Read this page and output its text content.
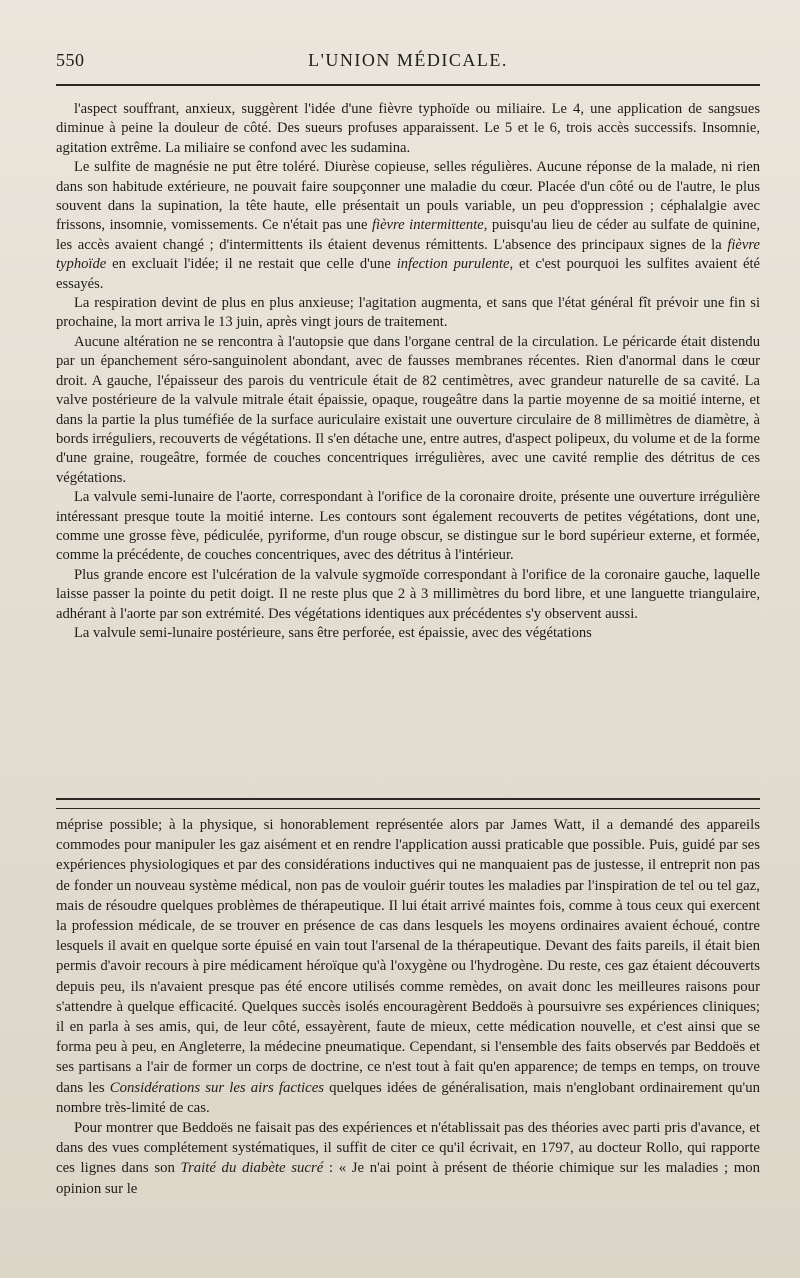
550	L'UNION MÉDICALE.

l'aspect souffrant, anxieux, suggèrent l'idée d'une fièvre typhoïde ou miliaire. Le 4, une application de sangsues diminue à peine la douleur de côté. Des sueurs profuses apparaissent. Le 5 et le 6, trois accès successifs. Insomnie, agitation extrême. La miliaire se confond avec les sudamina.

Le sulfite de magnésie ne put être toléré. Diurèse copieuse, selles régulières. Aucune réponse de la malade, ni rien dans son habitude extérieure, ne pouvait faire soupçonner une maladie du cœur. Placée d'un côté ou de l'autre, le plus souvent dans la supination, la tête haute, elle présentait un pouls variable, un peu d'oppression ; céphalalgie avec frissons, insomnie, vomissements. Ce n'était pas une fièvre intermittente, puisqu'au lieu de céder au sulfate de quinine, les accès avaient changé ; d'intermittents ils étaient devenus rémittents. L'absence des principaux signes de la fièvre typhoïde en excluait l'idée; il ne restait que celle d'une infection purulente, et c'est pourquoi les sulfites avaient été essayés.

La respiration devint de plus en plus anxieuse; l'agitation augmenta, et sans que l'état général fît prévoir une fin si prochaine, la mort arriva le 13 juin, après vingt jours de traitement.

Aucune altération ne se rencontra à l'autopsie que dans l'organe central de la circulation. Le péricarde était distendu par un épanchement séro-sanguinolent abondant, avec de fausses membranes récentes. Rien d'anormal dans le cœur droit. A gauche, l'épaisseur des parois du ventricule était de 82 centimètres, avec grandeur naturelle de sa cavité. La valve postérieure de la valvule mitrale était épaissie, opaque, rougeâtre dans la partie moyenne de sa moitié interne, et dans la partie la plus tuméfiée de la surface auriculaire existait une ouverture circulaire de 8 millimètres de diamètre, à bords irréguliers, recouverts de végétations. Il s'en détache une, entre autres, d'aspect polipeux, du volume et de la forme d'une graine, rougeâtre, formée de couches concentriques irrégulières, avec une cavité remplie des détritus de ces végétations.

La valvule semi-lunaire de l'aorte, correspondant à l'orifice de la coronaire droite, présente une ouverture irrégulière intéressant presque toute la moitié interne. Les contours sont également recouverts de petites végétations, dont une, comme une grosse fève, pédiculée, pyriforme, d'un rouge obscur, se distingue sur le bord supérieur externe, et formée, comme la précédente, de couches concentriques, avec des détritus à l'intérieur.

Plus grande encore est l'ulcération de la valvule sygmoïde correspondant à l'orifice de la coronaire gauche, laquelle laisse passer la pointe du petit doigt. Il ne reste plus que 2 à 3 millimètres du bord libre, et une languette triangulaire, adhérant à l'aorte par son extrémité. Des végétations identiques aux précédentes s'y observent aussi.

La valvule semi-lunaire postérieure, sans être perforée, est épaissie, avec des végétations

méprise possible; à la physique, si honorablement représentée alors par James Watt, il a demandé des appareils commodes pour manipuler les gaz aisément et en rendre l'application aussi praticable que possible. Puis, guidé par ses expériences physiologiques et par des considérations inductives qui ne manquaient pas de justesse, il entreprit non pas de fonder un nouveau système médical, non pas de vouloir guérir toutes les maladies par l'inspiration de tel ou tel gaz, mais de résoudre quelques problèmes de thérapeutique. Il lui était arrivé maintes fois, comme à tous ceux qui exercent la profession médicale, de se trouver en présence de cas dans lesquels les moyens ordinaires avaient échoué, contre lesquels il avait en quelque sorte épuisé en vain tout l'arsenal de la thérapeutique. Devant des faits pareils, il était bien permis d'avoir recours à pire médicament héroïque qu'à l'oxygène ou l'hydrogène. Du reste, ces gaz étaient découverts depuis peu, ils n'avaient presque pas été encore utilisés comme remèdes, on avait donc les meilleures raisons pour s'attendre à quelque efficacité. Quelques succès isolés encouragèrent Beddoës à poursuivre ses expériences cliniques; il en parla à ses amis, qui, de leur côté, essayèrent, faute de mieux, cette médication nouvelle, et c'est ainsi que se forma peu à peu, en Angleterre, la médecine pneumatique. Cependant, si l'ensemble des faits observés par Beddoës et ses partisans a l'air de former un corps de doctrine, ce n'est tout à fait qu'en apparence; de temps en temps, on trouve dans les Considérations sur les airs factices quelques idées de généralisation, mais n'englobant ordinairement qu'un nombre très-limité de cas.

Pour montrer que Beddoës ne faisait pas des expériences et n'établissait pas des théories avec parti pris d'avance, et dans des vues complétement systématiques, il suffit de citer ce qu'il écrivait, en 1797, au docteur Rollo, qui rapporte ces lignes dans son Traité du diabète sucré : « Je n'ai point à présent de théorie chimique sur les maladies ; mon opinion sur le
